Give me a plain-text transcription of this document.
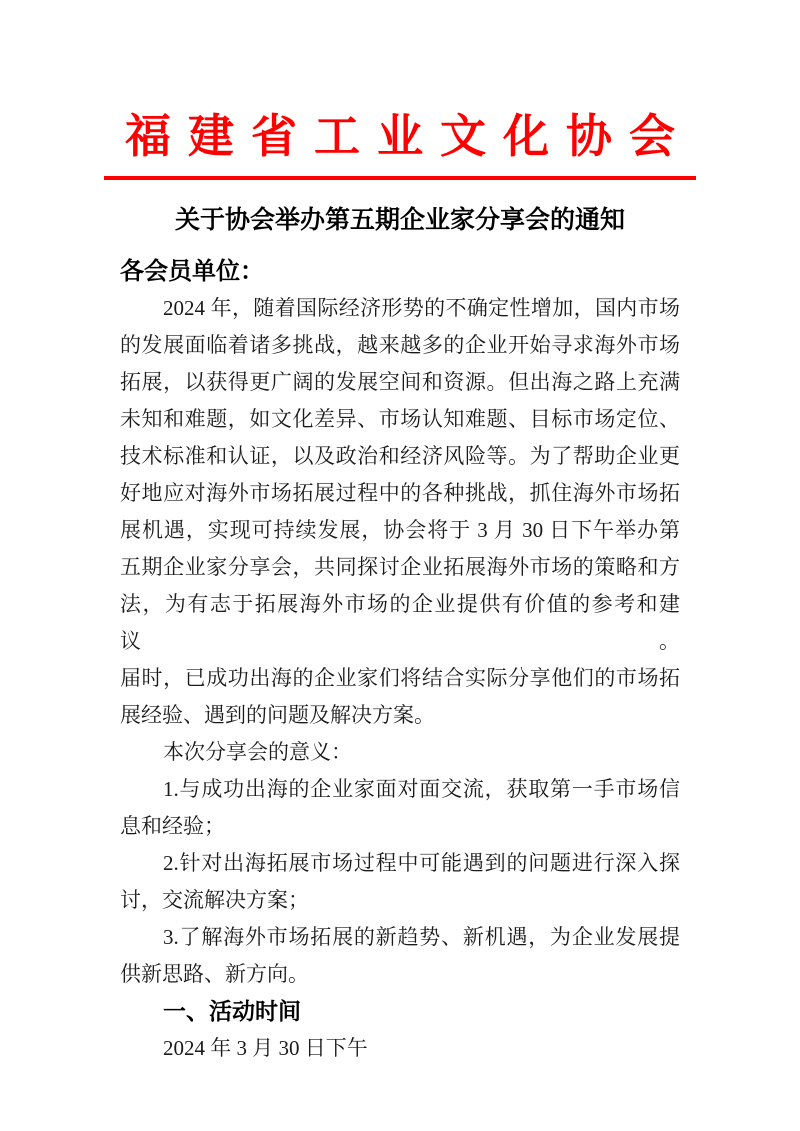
福建省工业文化协会
关于协会举办第五期企业家分享会的通知
各会员单位：
2024 年，随着国际经济形势的不确定性增加，国内市场
的发展面临着诸多挑战，越来越多的企业开始寻求海外市场
拓展，以获得更广阔的发展空间和资源。但出海之路上充满
未知和难题，如文化差异、市场认知难题、目标市场定位、
技术标准和认证，以及政治和经济风险等。为了帮助企业更
好地应对海外市场拓展过程中的各种挑战，抓住海外市场拓
展机遇，实现可持续发展，协会将于 3 月 30 日下午举办第
五期企业家分享会，共同探讨企业拓展海外市场的策略和方
法，为有志于拓展海外市场的企业提供有价值的参考和建议。
届时，已成功出海的企业家们将结合实际分享他们的市场拓
展经验、遇到的问题及解决方案。
本次分享会的意义：
1.与成功出海的企业家面对面交流，获取第一手市场信
息和经验；
2.针对出海拓展市场过程中可能遇到的问题进行深入探
讨，交流解决方案；
3.了解海外市场拓展的新趋势、新机遇，为企业发展提
供新思路、新方向。
一、活动时间
2024 年 3 月 30 日下午
